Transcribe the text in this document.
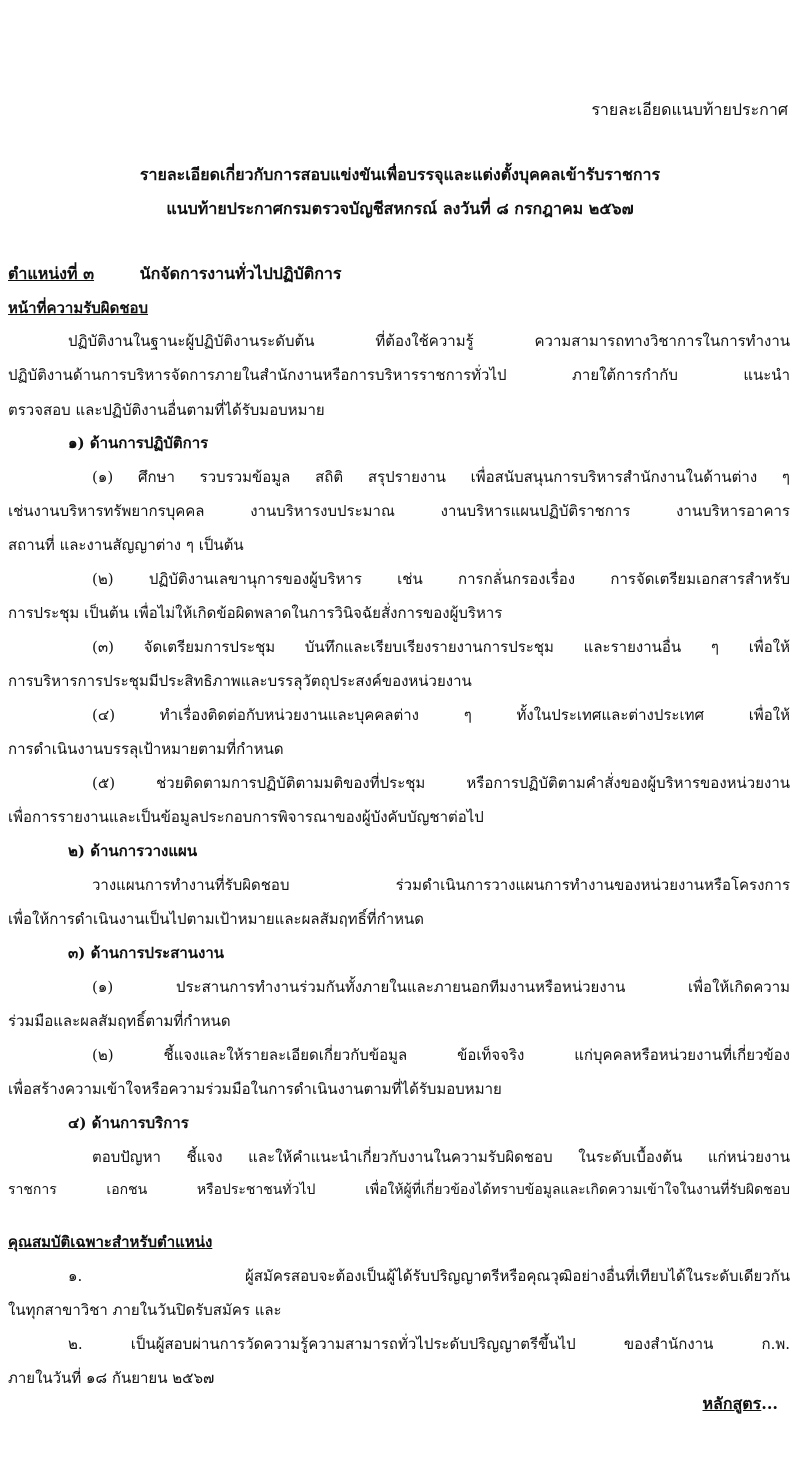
รายละเอียดแนบท้ายประกาศ
รายละเอียดเกี่ยวกับการสอบแข่งขันเพื่อบรรจุและแต่งตั้งบุคคลเข้ารับราชการ
แนบท้ายประกาศกรมตรวจบัญชีสหกรณ์ ลงวันที่ ๘ กรกฎาคม ๒๕๖๗
ตำแหน่งที่ ๓	นักจัดการงานทั่วไปปฏิบัติการ
หน้าที่ความรับผิดชอบ
ปฏิบัติงานในฐานะผู้ปฏิบัติงานระดับต้น ที่ต้องใช้ความรู้ ความสามารถทางวิชาการในการทำงาน
ปฏิบัติงานด้านการบริหารจัดการภายในสำนักงานหรือการบริหารราชการทั่วไป ภายใต้การกำกับ แนะนำ
ตรวจสอบ และปฏิบัติงานอื่นตามที่ได้รับมอบหมาย
๑) ด้านการปฏิบัติการ
(๑) ศึกษา รวบรวมข้อมูล สถิติ สรุปรายงาน เพื่อสนับสนุนการบริหารสำนักงานในด้านต่าง ๆ
เช่นงานบริหารทรัพยากรบุคคล งานบริหารงบประมาณ งานบริหารแผนปฏิบัติราชการ งานบริหารอาคาร
สถานที่ และงานสัญญาต่าง ๆ เป็นต้น
(๒) ปฏิบัติงานเลขานุการของผู้บริหาร เช่น การกลั่นกรองเรื่อง การจัดเตรียมเอกสารสำหรับ
การประชุม เป็นต้น เพื่อไม่ให้เกิดข้อผิดพลาดในการวินิจฉัยสั่งการของผู้บริหาร
(๓) จัดเตรียมการประชุม บันทึกและเรียบเรียงรายงานการประชุม และรายงานอื่น ๆ เพื่อให้
การบริหารการประชุมมีประสิทธิภาพและบรรลุวัตถุประสงค์ของหน่วยงาน
(๔) ทำเรื่องติดต่อกับหน่วยงานและบุคคลต่าง ๆ ทั้งในประเทศและต่างประเทศ เพื่อให้
การดำเนินงานบรรลุเป้าหมายตามที่กำหนด
(๕) ช่วยติดตามการปฏิบัติตามมติของที่ประชุม หรือการปฏิบัติตามคำสั่งของผู้บริหารของหน่วยงาน
เพื่อการรายงานและเป็นข้อมูลประกอบการพิจารณาของผู้บังคับบัญชาต่อไป
๒) ด้านการวางแผน
วางแผนการทำงานที่รับผิดชอบ ร่วมดำเนินการวางแผนการทำงานของหน่วยงานหรือโครงการ
เพื่อให้การดำเนินงานเป็นไปตามเป้าหมายและผลสัมฤทธิ์ที่กำหนด
๓) ด้านการประสานงาน
(๑) ประสานการทำงานร่วมกันทั้งภายในและภายนอกทีมงานหรือหน่วยงาน เพื่อให้เกิดความ
ร่วมมือและผลสัมฤทธิ์ตามที่กำหนด
(๒) ชี้แจงและให้รายละเอียดเกี่ยวกับข้อมูล ข้อเท็จจริง แก่บุคคลหรือหน่วยงานที่เกี่ยวข้อง
เพื่อสร้างความเข้าใจหรือความร่วมมือในการดำเนินงานตามที่ได้รับมอบหมาย
๔) ด้านการบริการ
ตอบปัญหา ชี้แจง และให้คำแนะนำเกี่ยวกับงานในความรับผิดชอบ ในระดับเบื้องต้น แก่หน่วยงาน
ราชการ เอกชน หรือประชาชนทั่วไป เพื่อให้ผู้ที่เกี่ยวข้องได้ทราบข้อมูลและเกิดความเข้าใจในงานที่รับผิดชอบ
คุณสมบัติเฉพาะสำหรับตำแหน่ง
๑. ผู้สมัครสอบจะต้องเป็นผู้ได้รับปริญญาตรีหรือคุณวุฒิอย่างอื่นที่เทียบได้ในระดับเดียวกัน
ในทุกสาขาวิชา ภายในวันปิดรับสมัคร และ
๒. เป็นผู้สอบผ่านการวัดความรู้ความสามารถทั่วไประดับปริญญาตรีขึ้นไป ของสำนักงาน ก.พ.
ภายในวันที่ ๑๘ กันยายน ๒๕๖๗
หลักสูตร...
